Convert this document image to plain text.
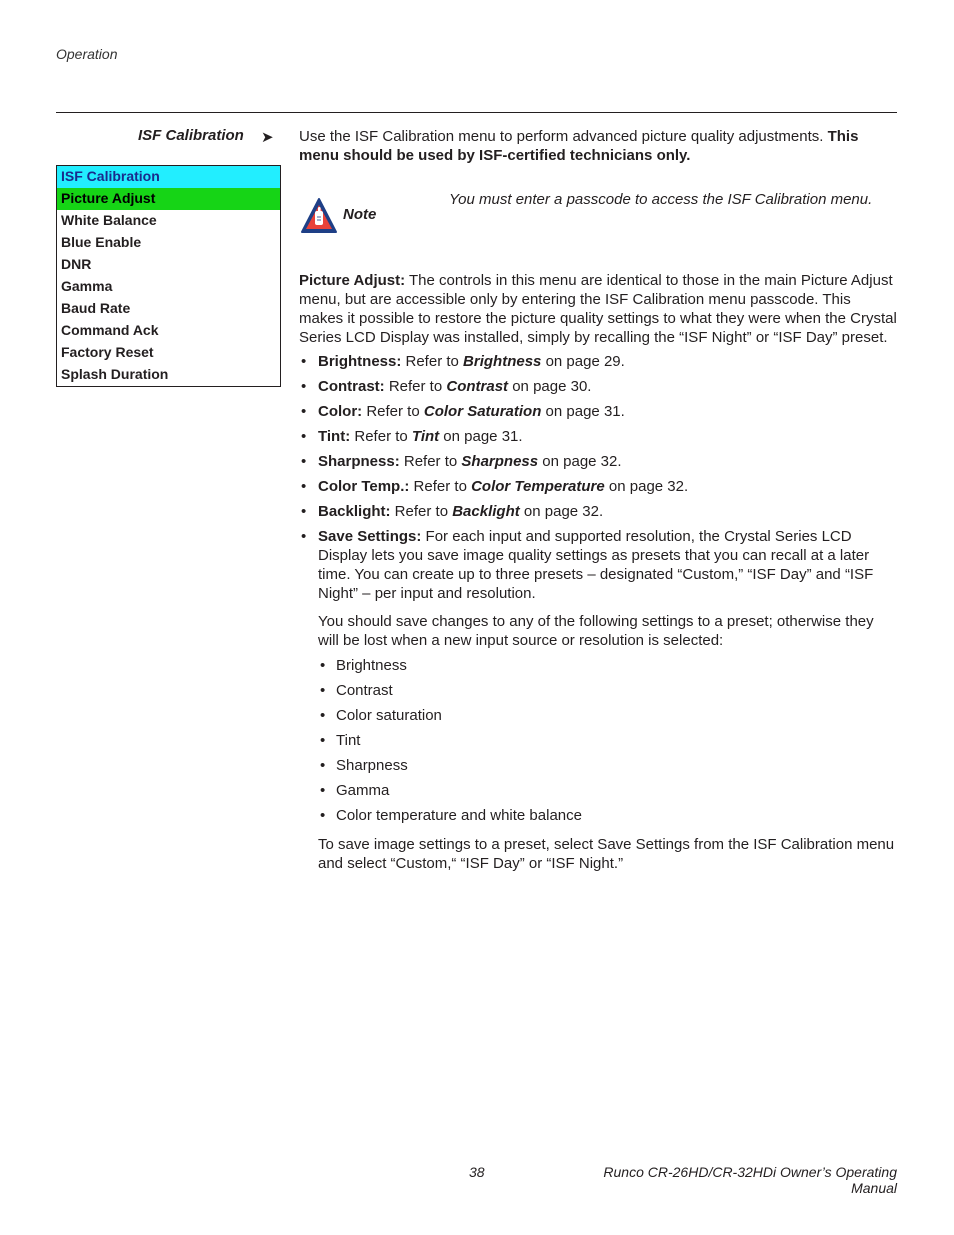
Operation
ISF Calibration ➤
ISF Calibration
Picture Adjust
White Balance
Blue Enable
DNR
Gamma
Baud Rate
Command Ack
Factory Reset
Splash Duration
Use the ISF Calibration menu to perform advanced picture quality adjustments. This menu should be used by ISF-certified technicians only.
Note
You must enter a passcode to access the ISF Calibration menu.
Picture Adjust: The controls in this menu are identical to those in the main Picture Adjust menu, but are accessible only by entering the ISF Calibration menu passcode. This makes it possible to restore the picture quality settings to what they were when the Crystal Series LCD Display was installed, simply by recalling the “ISF Night” or “ISF Day” preset.
• Brightness: Refer to Brightness on page 29.
• Contrast: Refer to Contrast on page 30.
• Color: Refer to Color Saturation on page 31.
• Tint: Refer to Tint on page 31.
• Sharpness: Refer to Sharpness on page 32.
• Color Temp.: Refer to Color Temperature on page 32.
• Backlight: Refer to Backlight on page 32.
• Save Settings: For each input and supported resolution, the Crystal Series LCD Display lets you save image quality settings as presets that you can recall at a later time. You can create up to three presets – designated “Custom,” “ISF Day” and “ISF Night” – per input and resolution.
You should save changes to any of the following settings to a preset; otherwise they will be lost when a new input source or resolution is selected:
• Brightness
• Contrast
• Color saturation
• Tint
• Sharpness
• Gamma
• Color temperature and white balance
To save image settings to a preset, select Save Settings from the ISF Calibration menu and select “Custom,“ “ISF Day” or “ISF Night.”
38	Runco CR-26HD/CR-32HDi Owner’s Operating Manual
